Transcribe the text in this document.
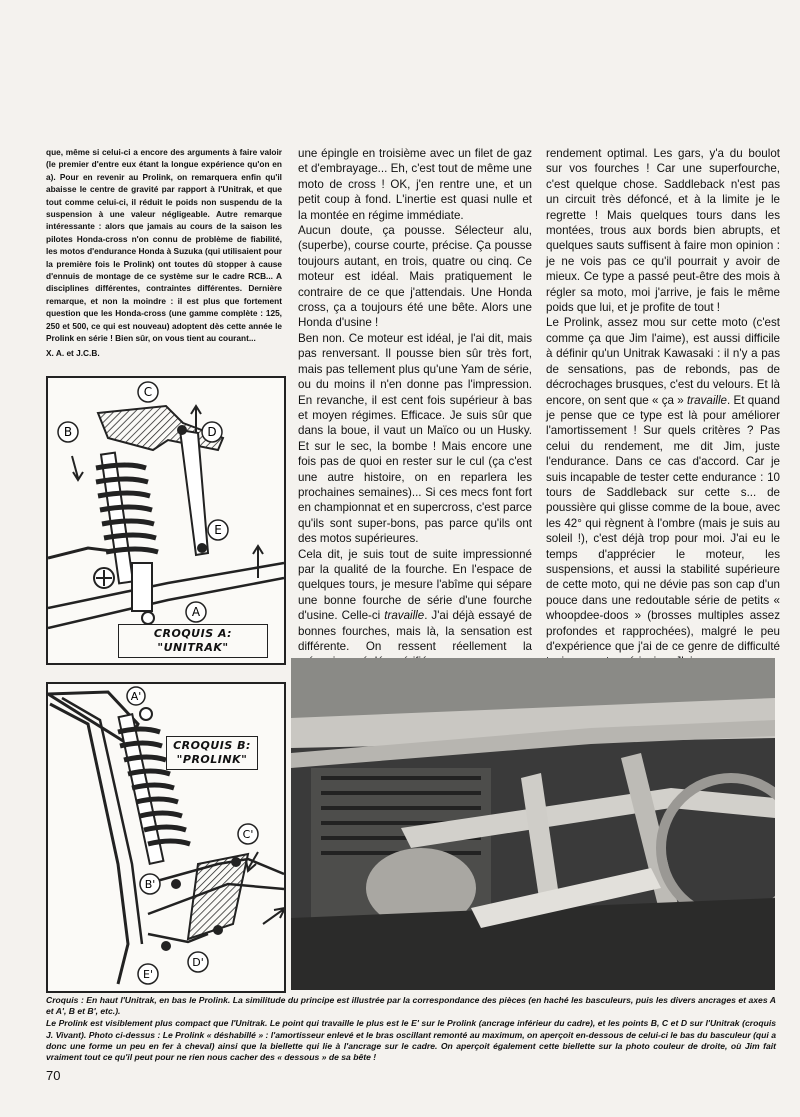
que, même si celui-ci a encore des arguments à faire valoir (le premier d'entre eux étant la longue expérience qu'on en a). Pour en revenir au Prolink, on remarquera enfin qu'il abaisse le centre de gravité par rapport à l'Unitrak, et que tout comme celui-ci, il réduit le poids non suspendu de la suspension à une valeur négligeable. Autre remarque intéressante : alors que jamais au cours de la saison les pilotes Honda-cross n'on connu de problème de fiabilité, les motos d'endurance Honda à Suzuka (qui utilisaient pour la première fois le Prolink) ont toutes dû stopper à cause d'ennuis de montage de ce système sur le cadre RCB... A disciplines différentes, contraintes différentes. Dernière remarque, et non la moindre : il est plus que fortement question que les Honda-cross (une gamme complète : 125, 250 et 500, ce qui est nouveau) adoptent dès cette année le Prolink en série ! Bien sûr, on vous tient au courant...

X. A. et J.C.B.

une épingle en troisième avec un filet de gaz et d'embrayage... Eh, c'est tout de même une moto de cross ! OK, j'en rentre une, et un petit coup à fond. L'inertie est quasi nulle et la montée en régime immédiate.

Aucun doute, ça pousse. Sélecteur alu, (superbe), course courte, précise. Ça pousse toujours autant, en trois, quatre ou cinq. Ce moteur est idéal. Mais pratiquement le contraire de ce que j'attendais. Une Honda cross, ça a toujours été une bête. Alors une Honda d'usine !

Ben non. Ce moteur est idéal, je l'ai dit, mais pas renversant. Il pousse bien sûr très fort, mais pas tellement plus qu'une Yam de série, ou du moins il n'en donne pas l'impression. En revanche, il est cent fois supérieur à bas et moyen régimes. Efficace. Je suis sûr que dans la boue, il vaut un Maïco ou un Husky. Et sur le sec, la bombe ! Mais encore une fois pas de quoi en rester sur le cul (ça c'est une autre histoire, on en reparlera les prochaines semaines)... Si ces mecs font fort en championnat et en supercross, c'est parce qu'ils sont super-bons, pas parce qu'ils ont des motos supérieures.

Cela dit, je suis tout de suite impressionné par la qualité de la fourche. En l'espace de quelques tours, je mesure l'abîme qui sépare une bonne fourche de série d'une fourche d'usine. Celle-ci travaille. J'ai déjà essayé de bonnes fourches, mais là, la sensation est différente. On ressent réellement la

rendement optimal. Les gars, y'a du boulot sur vos fourches ! Car une superfourche, c'est quelque chose. Saddleback n'est pas un circuit très défoncé, et à la limite je le regrette ! Mais quelques tours dans les montées, trous aux bords bien abrupts, et quelques sauts suffisent à faire mon opinion : je ne vois pas ce qu'il pourrait y avoir de mieux. Ce type a passé peut-être des mois à régler sa moto, moi j'arrive, je fais le même poids que lui, et je profite de tout !

Le Prolink, assez mou sur cette moto (c'est comme ça que Jim l'aime), est aussi difficile à définir qu'un Unitrak Kawasaki : il n'y a pas de sensations, pas de rebonds, pas de décrochages brusques, c'est du velours. Et là encore, on sent que « ça » travaille. Et quand je pense que ce type est là pour améliorer l'amortissement ! Sur quels critères ? Pas celui du rendement, me dit Jim, juste l'endurance. Dans ce cas d'accord. Car je suis incapable de tester cette endurance : 10 tours de Saddleback sur cette s... de poussière qui glisse comme de la boue, avec les 42° qui règnent à l'ombre (mais je suis au soleil !), c'est déjà trop pour moi. J'ai eu le temps d'apprécier le moteur, les suspensions, et aussi la stabilité supérieure de cette moto, qui ne dévie pas son cap d'un pouce dans une redoutable série de petits « whoopdee-doos » (brosses multiples assez profondes et rapprochées), malgré le peu d'expérience que j'ai de ce genre de difficulté

C
D
B
E
A
CROQUIS A: "UNITRAK"
A'
C'
B'
E'
D'
CROQUIS B:
"PROLINK"

Croquis : En haut l'Unitrak, en bas le Prolink. La similitude du principe est illustrée par la correspondance des pièces (en haché les basculeurs, puis les divers ancrages et axes A et A', B et B', etc.).

Le Prolink est visiblement plus compact que l'Unitrak. Le point qui travaille le plus est le E' sur le Prolink (ancrage inférieur du cadre), et les points B, C et D sur l'Unitrak (croquis J. Vivant). Photo ci-dessus : Le Prolink « déshabillé » : l'amortisseur enlevé et le bras oscillant remonté au maximum, on aperçoit en-dessous de celui-ci le bas du basculeur (qui a donc une forme un peu en fer à cheval) ainsi que la biellette qui lie à l'ancrage sur le cadre. On aperçoit également cette biellette sur la photo couleur de droite, où Jim fait vraiment tout ce qu'il peut pour ne rien nous cacher des « dessous » de sa bête !

70
